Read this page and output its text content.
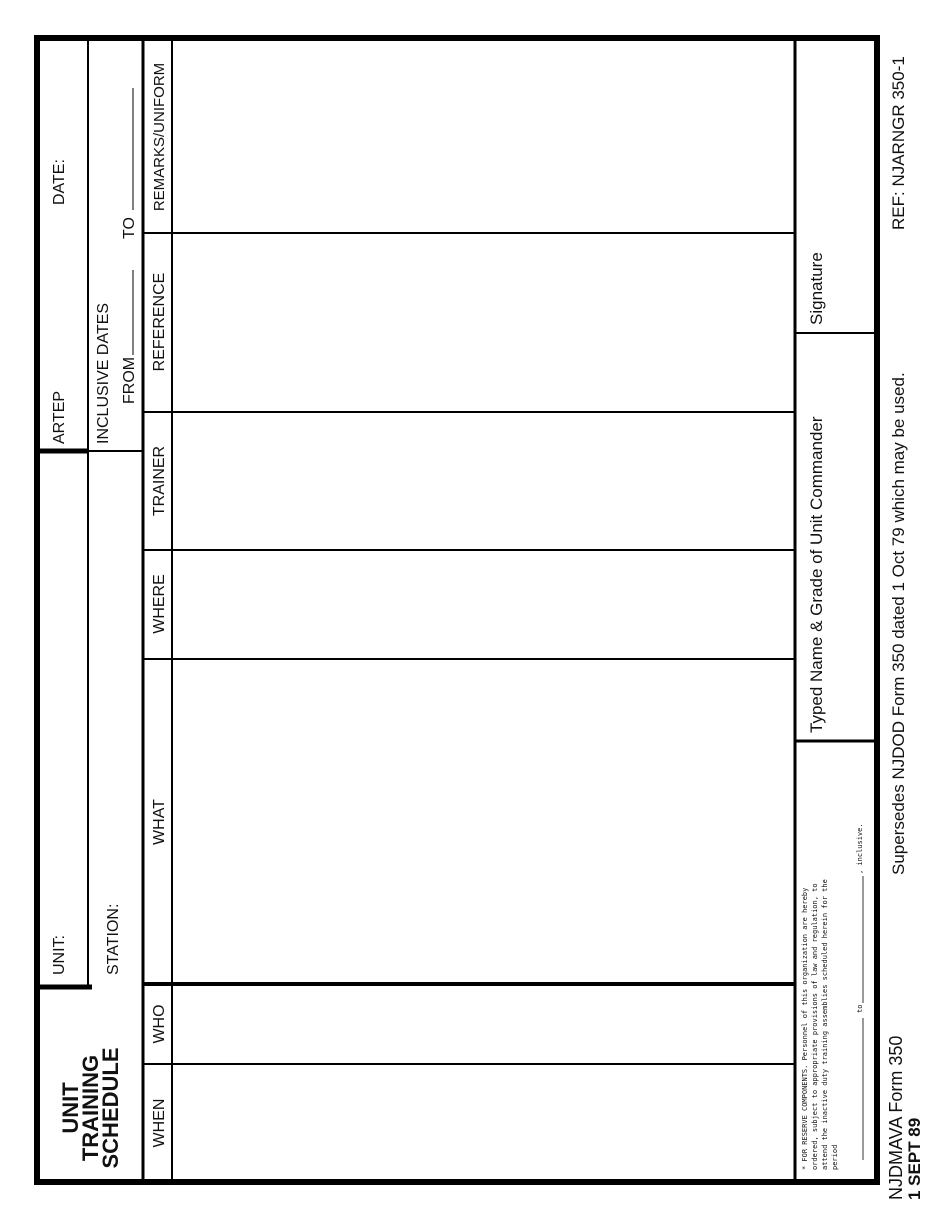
UNIT
TRAINING
SCHEDULE
UNIT: STATION:
ARTEP
DATE:
INCLUSIVE DATES FROM
TO
WHEN
WHO
WHAT
WHERE
TRAINER
REFERENCE
REMARKS/UNIFORM
* FOR RESERVE COMPONENTS. Personnel of this organization are hereby ordered, subject to appropriate provisions of law and regulation, to attend the inactive duty training assemblies scheduled herein for the period
to
, inclusive.
Typed Name & Grade of Unit Commander
Signature
NJDMAVA Form 350 1 SEPT 89
Supersedes NJDOD Form 350 dated 1 Oct 79 which may be used.
REF: NJARNGR 350-1
